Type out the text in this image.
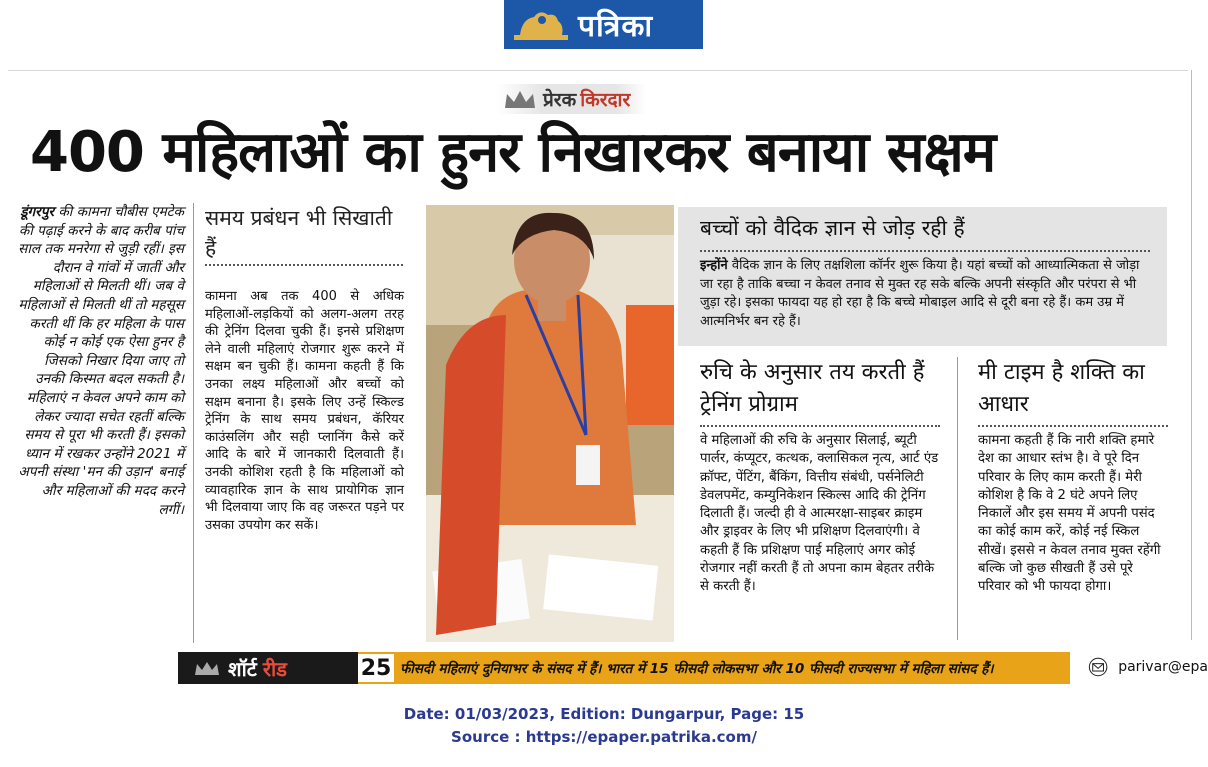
पत्रिका
प्रेरक किरदार
400 महिलाओं का हुनर निखारकर बनाया सक्षम
डूंगरपुर की कामना चौबीस एमटेक की पढ़ाई करने के बाद करीब पांच साल तक मनरेगा से जुड़ी रहीं। इस दौरान वे गांवों में जातीं और महिलाओं से मिलती थीं। जब वे महिलाओं से मिलती थीं तो महसूस करती थीं कि हर महिला के पास कोई न कोई एक ऐसा हुनर है जिसको निखार दिया जाए तो उनकी किस्मत बदल सकती है। महिलाएं न केवल अपने काम को लेकर ज्यादा सचेत रहतीं बल्कि समय से पूरा भी करती हैं। इसको ध्यान में रखकर उन्होंने 2021 में अपनी संस्था 'मन की उड़ान' बनाई और महिलाओं की मदद करने लगीं।
समय प्रबंधन भी सिखाती हैं
कामना अब तक 400 से अधिक महिलाओं-लड़कियों को अलग-अलग तरह की ट्रेनिंग दिलवा चुकी हैं। इनसे प्रशिक्षण लेने वाली महिलाएं रोजगार शुरू करने में सक्षम बन चुकी हैं। कामना कहती हैं कि उनका लक्ष्य महिलाओं और बच्चों को सक्षम बनाना है। इसके लिए उन्हें स्किल्ड ट्रेनिंग के साथ समय प्रबंधन, कॅरियर काउंसलिंग और सही प्लानिंग कैसे करें आदि के बारे में जानकारी दिलवाती हैं। उनकी कोशिश रहती है कि महिलाओं को व्यावहारिक ज्ञान के साथ प्रायोगिक ज्ञान भी दिलवाया जाए कि वह जरूरत पड़ने पर उसका उपयोग कर सकें।
बच्चों को वैदिक ज्ञान से जोड़ रही हैं
इन्होंने वैदिक ज्ञान के लिए तक्षशिला कॉर्नर शुरू किया है। यहां बच्चों को आध्यात्मिकता से जोड़ा जा रहा है ताकि बच्चा न केवल तनाव से मुक्त रह सके बल्कि अपनी संस्कृति और परंपरा से भी जुड़ा रहे। इसका फायदा यह हो रहा है कि बच्चे मोबाइल आदि से दूरी बना रहे हैं। कम उम्र में आत्मनिर्भर बन रहे हैं।
रुचि के अनुसार तय करती हैं ट्रेनिंग प्रोग्राम
वे महिलाओं की रुचि के अनुसार सिलाई, ब्यूटी पार्लर, कंप्यूटर, कत्थक, क्लासिकल नृत्य, आर्ट एंड क्रॉफ्ट, पेंटिंग, बैंकिंग, वित्तीय संबंधी, पर्सनेलिटी डेवलपमेंट, कम्युनिकेशन स्किल्स आदि की ट्रेनिंग दिलाती हैं। जल्दी ही वे आत्मरक्षा-साइबर क्राइम और ड्राइवर के लिए भी प्रशिक्षण दिलवाएंगी। वे कहती हैं कि प्रशिक्षण पाई महिलाएं अगर कोई रोजगार नहीं करती हैं तो अपना काम बेहतर तरीके से करती हैं।
मी टाइम है शक्ति का आधार
कामना कहती हैं कि नारी शक्ति हमारे देश का आधार स्तंभ है। वे पूरे दिन परिवार के लिए काम करती हैं। मेरी कोशिश है कि वे 2 घंटे अपने लिए निकालें और इस समय में अपनी पसंद का कोई काम करें, कोई नई स्किल सीखें। इससे न केवल तनाव मुक्त रहेंगी बल्कि जो कुछ सीखती हैं उसे पूरे परिवार को भी फायदा होगा।
शॉर्ट रीड	25 फीसदी महिलाएं दुनियाभर के संसद में हैं। भारत में 15 फीसदी लोकसभा और 10 फीसदी राज्यसभा में महिला सांसद हैं।	parivar@epa
Date: 01/03/2023, Edition: Dungarpur, Page: 15
Source : https://epaper.patrika.com/
